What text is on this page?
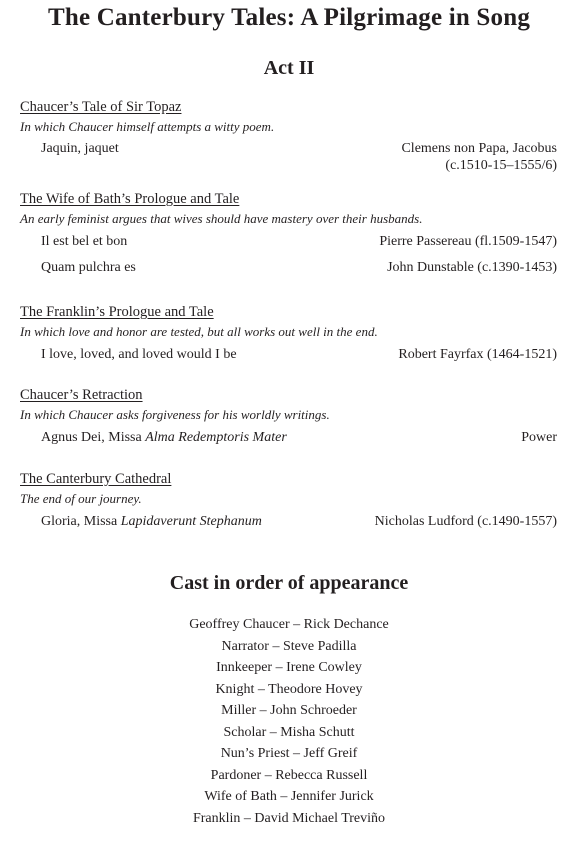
The Canterbury Tales: A Pilgrimage in Song
Act II
Chaucer’s Tale of Sir Topaz
In which Chaucer himself attempts a witty poem.
Jaquin, jaquet	Clemens non Papa, Jacobus
(c.1510-15–1555/6)
The Wife of Bath’s Prologue and Tale
An early feminist argues that wives should have mastery over their husbands.
Il est bel et bon	Pierre Passereau (fl.1509-1547)
Quam pulchra es	John Dunstable (c.1390-1453)
The Franklin’s Prologue and Tale
In which love and honor are tested, but all works out well in the end.
I love, loved, and loved would I be	Robert Fayrfax (1464-1521)
Chaucer’s Retraction
In which Chaucer asks forgiveness for his worldly writings.
Agnus Dei, Missa Alma Redemptoris Mater	Power
The Canterbury Cathedral
The end of our journey.
Gloria, Missa Lapidaverunt Stephanum	Nicholas Ludford (c.1490-1557)
Cast in order of appearance
Geoffrey Chaucer – Rick Dechance
Narrator – Steve Padilla
Innkeeper – Irene Cowley
Knight – Theodore Hovey
Miller – John Schroeder
Scholar – Misha Schutt
Nun’s Priest – Jeff Greif
Pardoner – Rebecca Russell
Wife of Bath – Jennifer Jurick
Franklin – David Michael Treviño
